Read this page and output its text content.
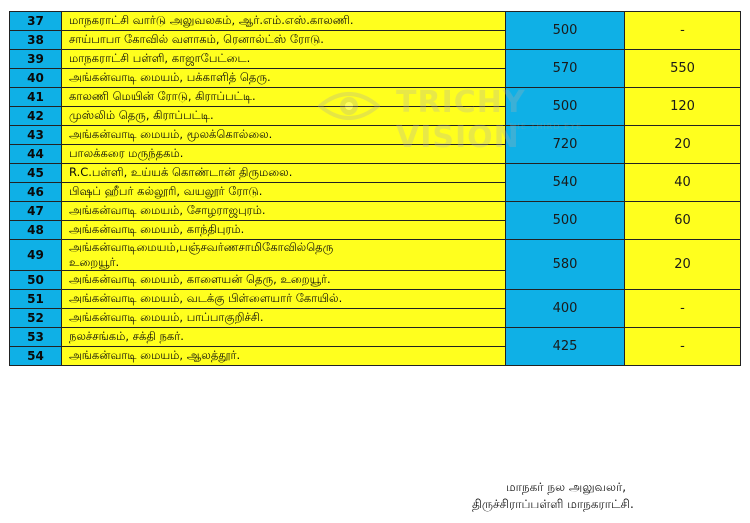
37	மாநகராட்சி வார்டு அலுவலகம், ஆர்.எம்.எஸ்.காலணி.	500	-
38	சாய்பாபா கோவில் வளாகம், ரெனால்ட்ஸ் ரோடு.		
39	மாநகராட்சி பள்ளி, காஜாபேட்டை.	570	550
40	அங்கன்வாடி மையம், பக்காளித் தெரு.		
41	காலணி மெயின் ரோடு, கிராப்பட்டி.	500	120
42	முஸ்லிம் தெரு, கிராப்பட்டி.		
43	அங்கன்வாடி மையம், மூலக்கொல்லை.	720	20
44	பாலக்கரை மருந்தகம்.		
45	R.C.பள்ளி, உய்யக் கொண்டான் திருமலை.	540	40
46	பிஷப் ஹீபர் கல்லூரி, வயலூர் ரோடு.		
47	அங்கன்வாடி மையம், சோழராஜபுரம்.	500	60
48	அங்கன்வாடி மையம், காந்திபுரம்.		
49	அங்கன்வாடிமையம்,பஞ்சவர்ணசாமிகோவில்தெரு
உறையூர்.	580	20
50	அங்கன்வாடி மையம், காளையன் தெரு, உறையூர்.		
51	அங்கன்வாடி மையம், வடக்கு பிள்ளையார் கோயில்.	400	-
52	அங்கன்வாடி மையம், பாப்பாகுறிச்சி.		
53	நலச்சங்கம், சக்தி நகர்.	425	-
54	அங்கன்வாடி மையம், ஆலத்தூர்.		
TRICHY VISION
THE THIRD EYE
மாநகர் நல அலுவலர்,
திருச்சிராப்பள்ளி மாநகராட்சி.
